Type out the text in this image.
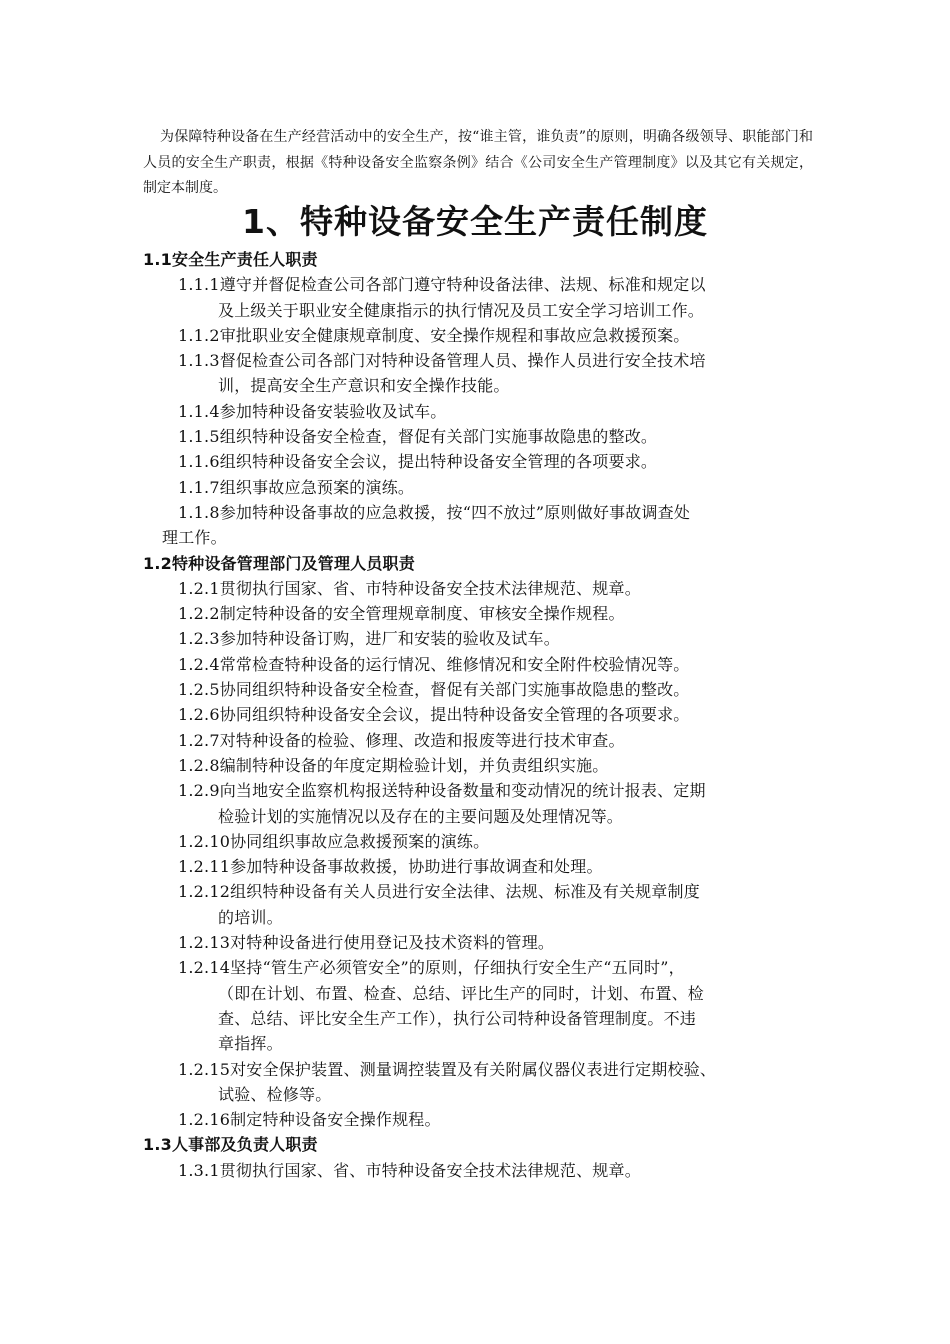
为保障特种设备在生产经营活动中的安全生产，按“谁主管，谁负责”的原则，明确各级领导、职能部门和人员的安全生产职责，根据《特种设备安全监察条例》结合《公司安全生产管理制度》以及其它有关规定，制定本制度。

1、特种设备安全生产责任制度
1.1安全生产责任人职责
1.1.1遵守并督促检查公司各部门遵守特种设备法律、法规、标准和规定以
及上级关于职业安全健康指示的执行情况及员工安全学习培训工作。
1.1.2审批职业安全健康规章制度、安全操作规程和事故应急救援预案。
1.1.3督促检查公司各部门对特种设备管理人员、操作人员进行安全技术培
训，提高安全生产意识和安全操作技能。
1.1.4参加特种设备安装验收及试车。
1.1.5组织特种设备安全检查，督促有关部门实施事故隐患的整改。
1.1.6组织特种设备安全会议，提出特种设备安全管理的各项要求。
1.1.7组织事故应急预案的演练。
1.1.8参加特种设备事故的应急救援，按“四不放过”原则做好事故调查处
理工作。
1.2特种设备管理部门及管理人员职责
1.2.1贯彻执行国家、省、市特种设备安全技术法律规范、规章。
1.2.2制定特种设备的安全管理规章制度、审核安全操作规程。
1.2.3参加特种设备订购，进厂和安装的验收及试车。
1.2.4常常检查特种设备的运行情况、维修情况和安全附件校验情况等。
1.2.5协同组织特种设备安全检查，督促有关部门实施事故隐患的整改。
1.2.6协同组织特种设备安全会议，提出特种设备安全管理的各项要求。
1.2.7对特种设备的检验、修理、改造和报废等进行技术审查。
1.2.8编制特种设备的年度定期检验计划，并负责组织实施。
1.2.9向当地安全监察机构报送特种设备数量和变动情况的统计报表、定期
检验计划的实施情况以及存在的主要问题及处理情况等。
1.2.10协同组织事故应急救援预案的演练。
1.2.11参加特种设备事故救援，协助进行事故调查和处理。
1.2.12组织特种设备有关人员进行安全法律、法规、标准及有关规章制度
的培训。
1.2.13对特种设备进行使用登记及技术资料的管理。
1.2.14坚持“管生产必须管安全”的原则，仔细执行安全生产“五同时”，
（即在计划、布置、检查、总结、评比生产的同时，计划、布置、检
查、总结、评比安全生产工作），执行公司特种设备管理制度。不违
章指挥。
1.2.15对安全保护装置、测量调控装置及有关附属仪器仪表进行定期校验、
试验、检修等。
1.2.16制定特种设备安全操作规程。
1.3人事部及负责人职责
1.3.1贯彻执行国家、省、市特种设备安全技术法律规范、规章。
